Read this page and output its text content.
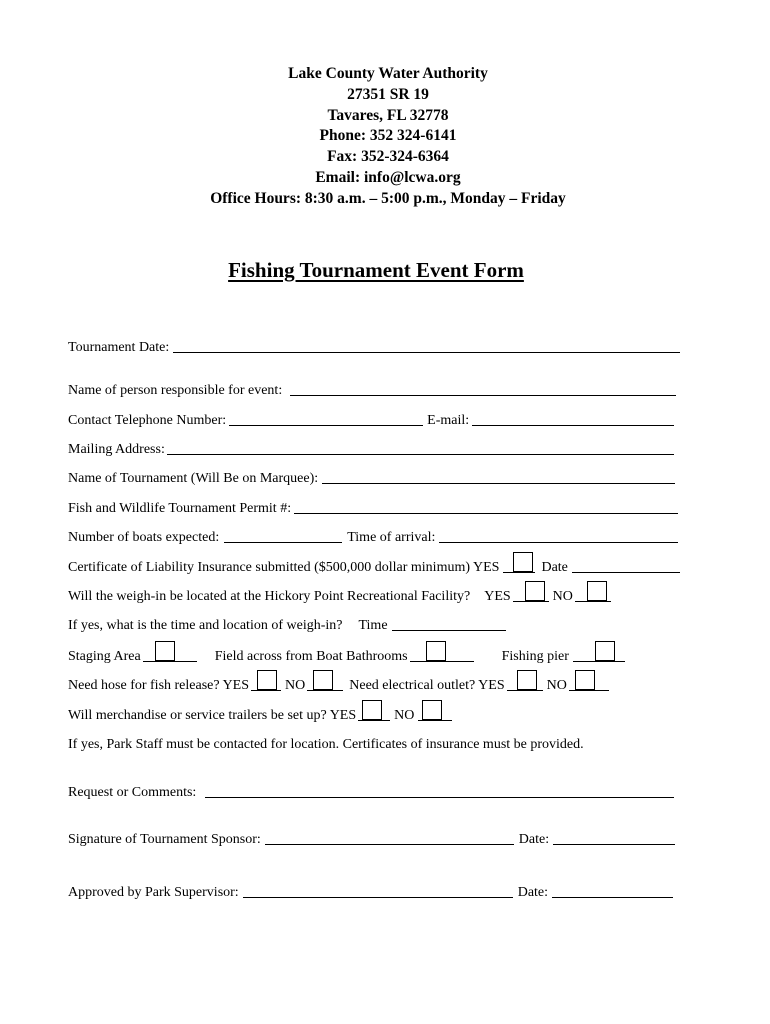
Lake County Water Authority
27351 SR 19
Tavares, FL 32778
Phone: 352 324-6141
Fax: 352-324-6364
Email: info@lcwa.org
Office Hours: 8:30 a.m. – 5:00 p.m., Monday – Friday
Fishing Tournament Event Form
Tournament Date:
Name of person responsible for event:
Contact Telephone Number:	E-mail:
Mailing Address:
Name of Tournament (Will Be on Marquee):
Fish and Wildlife Tournament Permit #:
Number of boats expected:	Time of arrival:
Certificate of Liability Insurance submitted ($500,000 dollar minimum) YES	Date
Will the weigh-in be located at the Hickory Point Recreational Facility? YES	NO
If yes, what is the time and location of weigh-in? Time
Staging Area	Field across from Boat Bathrooms	Fishing pier
Need hose for fish release? YES	NO	Need electrical outlet? YES	NO
Will merchandise or service trailers be set up? YES	NO
If yes, Park Staff must be contacted for location. Certificates of insurance must be provided.
Request or Comments:
Signature of Tournament Sponsor:	Date:
Approved by Park Supervisor:	Date:
